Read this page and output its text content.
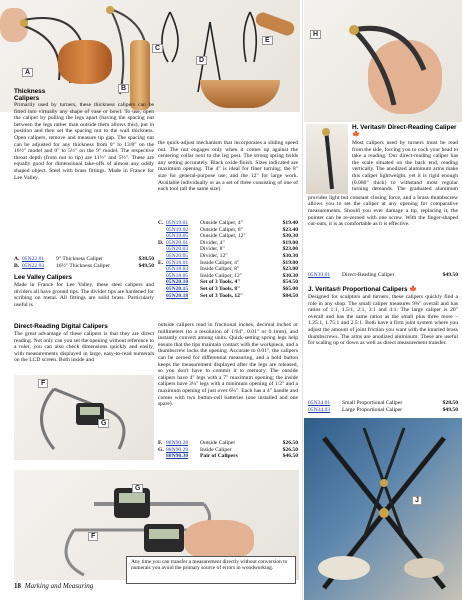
A
B
C
D
E
Thickness Calipers
Primarily used by turners, these thickness calipers can be fitted into virtually any shape of vase or bowl. To use, open the caliper by pulling the legs apart (having the spacing nut between the legs rather than outside them allows this), put in position and then set the spacing nut to the wall thickness. Open calipers, remove and measure tip gap. The spacing nut can be adjusted for any thickness from 0" to 13/8" on the 16½" model and 0" to 5½" on the 9" model. The respective throat depth (from nut to tip) are 11½" and 5½". These are equally good for dimensional take-offs of almost any oddly shaped object. Steel with brass fittings. Made in France for Lee Valley.
A. 05N22.01	9" Thickness Caliper	$38.50
B. 05N22.03	16½" Thickness Caliper	$49.50
Lee Valley Calipers
Made in France for Lee Valley, these steel calipers and dividers all have ground tips. The divider tips are hardened for scribing on metal. All fittings are solid brass. Particularly useful is
the quick-adjust mechanism that incorporates a sliding speed nut. The nut engages only when it comes up against the centering collar next to the leg post. The strong spring holds any setting accurately. Black oxide finish. Sizes indicated are maximum opening. The 4" is ideal for finer turning; the 8" size for general-purpose use; and the 12" for large work. Available individually or as a set of three consisting of one of each tool (all the same size).
C. 05N19.01	Outside Caliper, 4"	$19.40
05N19.02	Outside Caliper, 8"	$23.40
05N19.05	Outside Caliper, 12"	$30.30
D. 05N20.01	Divider, 4"	$19.00
05N20.03	Divider, 8"	$23.00
05N20.05	Divider, 12"	$30.30
E. 05N18.01	Inside Caliper, 4"	$19.00
05N18.03	Inside Caliper, 8"	$23.00
05N18.05	Inside Caliper, 12"	$30.30
05N20.10	Set of 3 Tools, 4"	$54.50
05N20.15	Set of 3 Tools, 8"	$65.00
05N20.18	Set of 3 Tools, 12"	$84.50
Direct-Reading Digital Calipers
The great advantage of these calipers is that they are direct reading. Not only can you set the opening without reference to a ruler, you can also check dimensions quickly and easily, with measurements displayed in large, easy-to-read numerals on the LCD screen. Both inside and
outside calipers read in fractional inches, decimal inches or millimeters (to a resolution of 1/64", 0.01" or 0.1mm), and instantly convert among units. Quick-setting spring legs help ensure that the tips maintain contact with the workpiece, and a thumbscrew locks the opening. Accurate to 0.01", the calipers can be zeroed for differential measuring, and a hold button keeps the measurement displayed after the legs are released, so you don't have to commit it to memory. The outside calipers have 4" legs with a 7" maximum opening; the inside calipers have 3¼" legs with a minimum opening of 1/2" and a maximum opening of just over 6¼". Each has a 4" handle and comes with two button-cell batteries (one installed and one spare).
F. 88N90.28	Outside Caliper	$26.50
G. 88N90.29	Inside Caliper	$26.50
88N90.30	Pair of Calipers	$46.50
F
G
G
F
Any time you can transfer a measurement directly without conversion to numerals you avoid the primary source of errors in woodworking.
18 Marking and Measuring
H
H. Veritas® Direct-Reading Caliper 🍁
Most calipers used by turners must be read from the side, forcing you to cock your head to take a reading. Our direct-reading caliper has the scale situated on the back end, reading vertically. The anodized aluminum arms make this caliper lightweight, yet it is rigid enough (0.080" thick) to withstand most regular turning demands. The graduated aluminum
provides light but constant closing force, and a brass thumbscrew allows you to set the caliper at any opening for comparative measurements. Should you ever damage a tip, replacing it, the pointer can be re-zeroed with one screw. With the finger-shaped cut-outs, it is as comfortable as it is effective.
05N39.01	Direct-Reading Caliper	$49.50
J. Veritas® Proportional Calipers 🍁
Designed for sculptors and turners, these calipers quickly find a role in any shop. The small caliper measures 9¾" overall and has ratios of 1:1, 1.5:1, 2:1, 3:1 and 4:1. The large caliper is 20" overall and has the same ratios as the small plus three more – 1.25:1, 1.75:1 and 2.5:1. Both have a firm joint system where you adjust the amount of joint friction you want with the knurled brass thumbscrews. The arms are anodized aluminum. These are useful for scaling up or down as well as direct measurement transfer.
05N34.01	Small Proportional Caliper	$28.50
05N34.03	Large Proportional Caliper	$49.50
J
